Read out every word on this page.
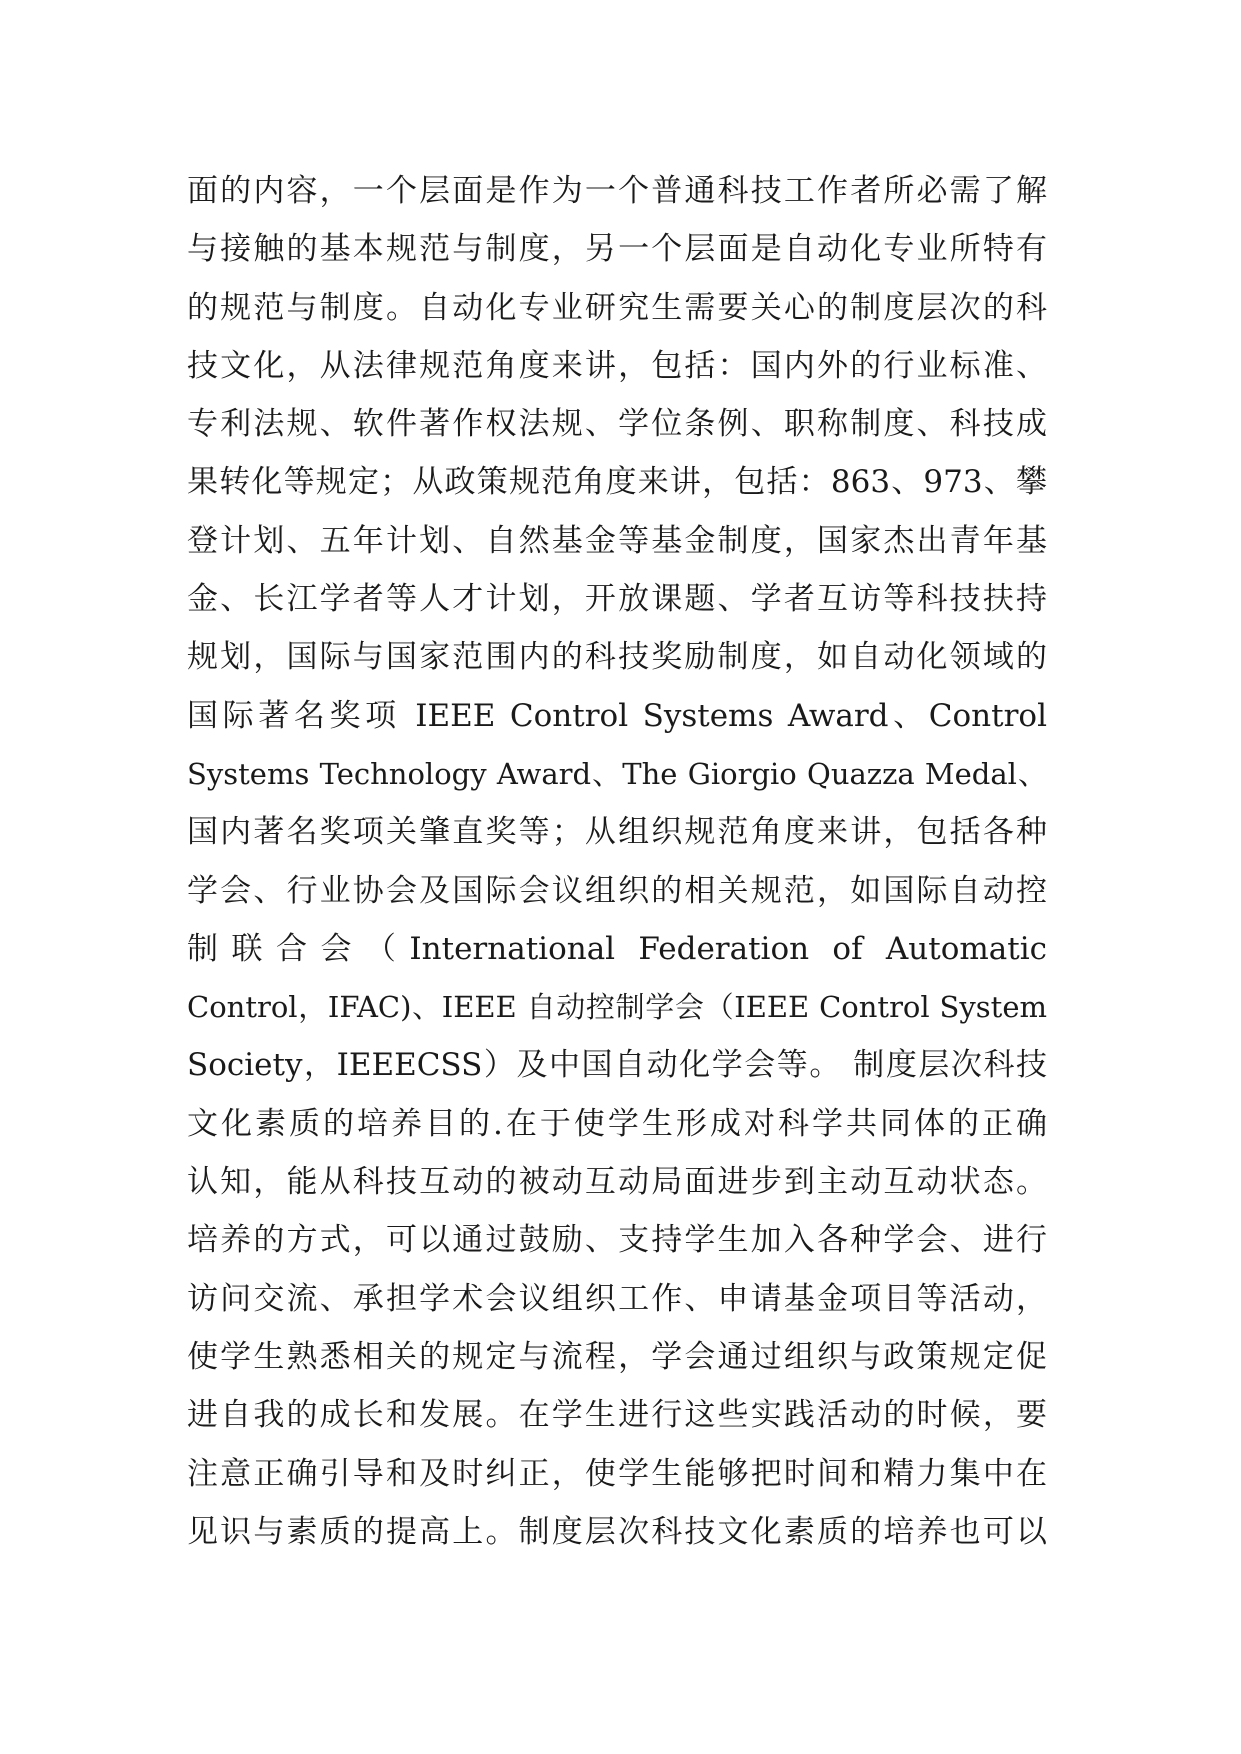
面的内容，一个层面是作为一个普通科技工作者所必需了解
与接触的基本规范与制度，另一个层面是自动化专业所特有
的规范与制度。自动化专业研究生需要关心的制度层次的科
技文化，从法律规范角度来讲，包括：国内外的行业标准、
专利法规、软件著作权法规、学位条例、职称制度、科技成
果转化等规定；从政策规范角度来讲，包括：863、973、攀
登计划、五年计划、自然基金等基金制度，国家杰出青年基
金、长江学者等人才计划，开放课题、学者互访等科技扶持
规划，国际与国家范围内的科技奖励制度，如自动化领域的
国际著名奖项 IEEE Control Systems Award、Control
Systems Technology Award、The Giorgio Quazza Medal、
国内著名奖项关肇直奖等；从组织规范角度来讲，包括各种
学会、行业协会及国际会议组织的相关规范，如国际自动控
制联合会（International Federation of Automatic
Control，IFAC)、IEEE 自动控制学会（IEEE Control System
Society，IEEECSS）及中国自动化学会等。 制度层次科技
文化素质的培养目的.在于使学生形成对科学共同体的正确
认知，能从科技互动的被动互动局面进步到主动互动状态。
培养的方式，可以通过鼓励、支持学生加入各种学会、进行
访问交流、承担学术会议组织工作、申请基金项目等活动，
使学生熟悉相关的规定与流程，学会通过组织与政策规定促
进自我的成长和发展。在学生进行这些实践活动的时候，要
注意正确引导和及时纠正，使学生能够把时间和精力集中在
见识与素质的提高上。制度层次科技文化素质的培养也可以
